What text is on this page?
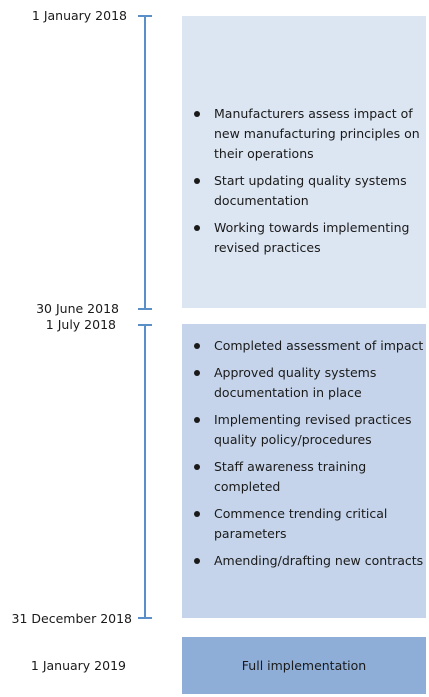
1 January 2018
30 June 2018
Manufacturers assess impact of new manufacturing principles on their operations
Start updating quality systems documentation
Working towards implementing revised practices
1 July 2018
31 December 2018
Completed assessment of impact
Approved quality systems documentation in place
Implementing revised practices quality policy/procedures
Staff awareness training completed
Commence trending critical parameters
Amending/drafting new contracts
1 January 2019	Full implementation
